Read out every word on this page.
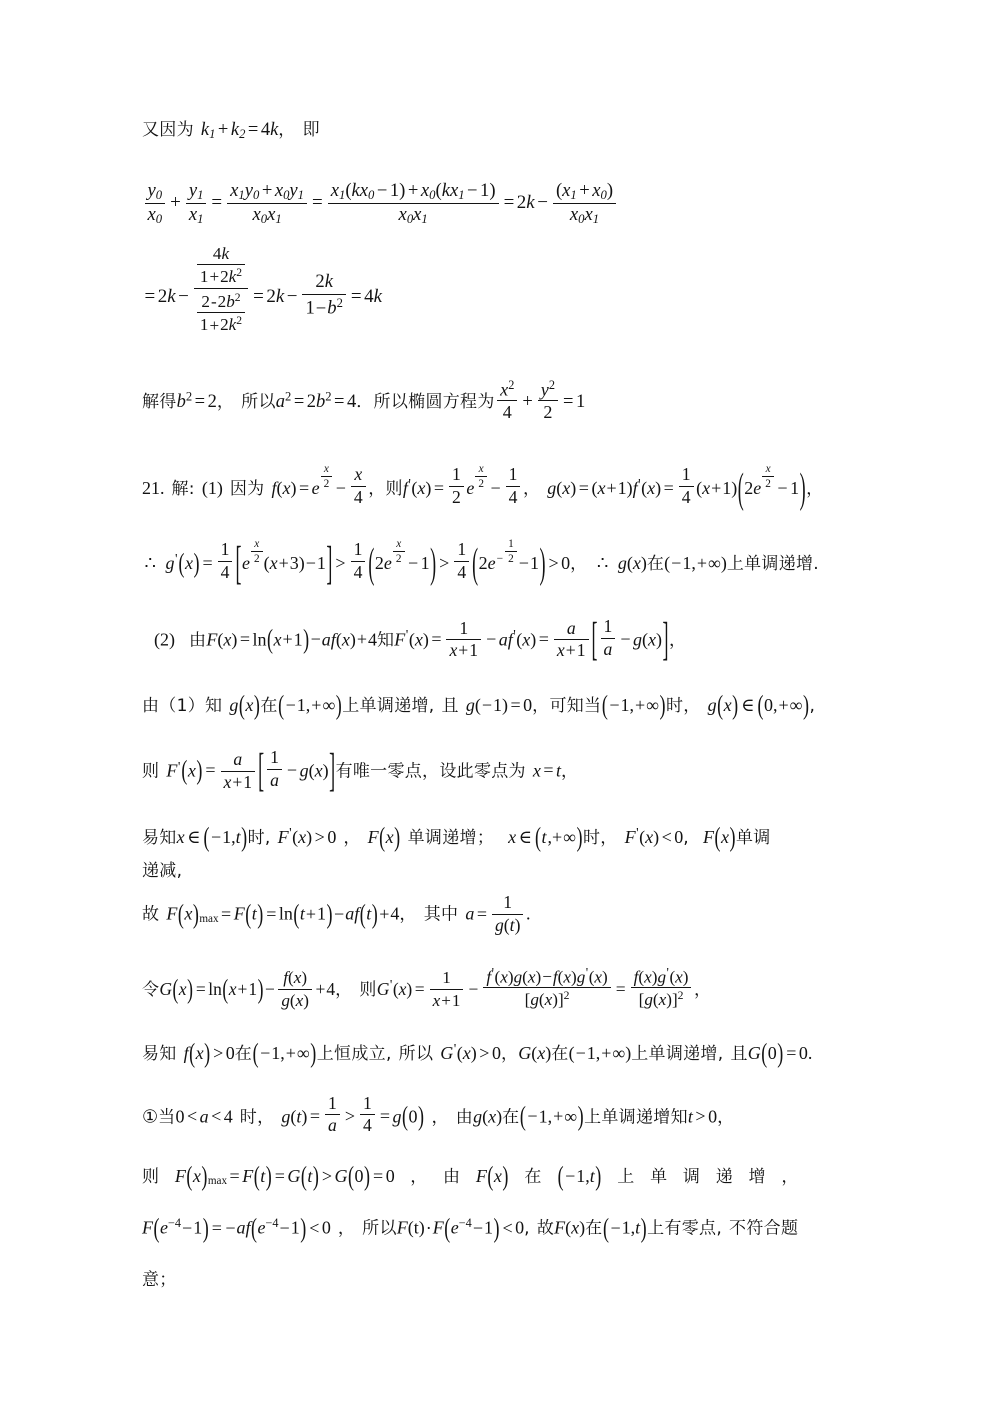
又因为 $k_1 + k_2 = 4k$， 即
$\frac{y_0}{x_0} + \frac{y_1}{x_1} = \frac{x_1y_0 + x_0y_1}{x_0x_1} = \frac{x_1(kx_0 - 1) + x_0(kx_1 - 1)}{x_0x_1} = 2k - \frac{(x_1 + x_0)}{x_0x_1}$
= $2k - \frac{\frac{4k}{1+2k^2}}{\frac{2-2b^2}{1+2k^2}} = 2k - \frac{2k}{1-b^2} = 4k$
解得$b^2 = 2$， 所以$a^2 = 2b^2 = 4$．所以椭圆方程为 $\frac{x^2}{4} + \frac{y^2}{2} = 1$
21. 解: (1) 因为 f(x) = e $\frac{x}{2} - \frac{x}{4}$ ，则$f'(x) = \frac{1}{2}$ e $\frac{x}{2} - \frac{1}{4}$ ， $g(x) = (x+1)f'(x) = \frac{1}{4} (x+1)(2e \frac{x}{2} - 1)$，
∴ $g'(x) = \frac{1}{4} [e \frac{x}{2} (x+3)-1] > \frac{1}{4} (2e \frac{x}{2} - 1) > \frac{1}{4} (2e^- \frac{1}{2} -1) > 0$， ∴ g(x)在(−1,+∞)上单调递增.
(2) 由F(x) = ln(x+1)−af(x)+4知$F'(x) = \frac{1}{x+1} - af'(x) = \frac{a}{x+1}$ [ $\frac{1}{a} - g(x)$]，
由（1）知 g(x)在(−1,+∞)上单调递增, 且 g(−1) = 0，可知当(−1,+∞)时， g(x) ∈ (0,+∞),
则 $F'(x) = \frac{a}{x+1}$ [ $\frac{1}{a} - g(x)$]有唯一零点，设此零点为 x = t，
易知x ∈ (−1,t)时, F'(x) > 0 ， F(x) 单调递增； x ∈ (t,+∞)时， F'(x) < 0, F(x)单调
递减,
故 F(x)max = F(t) = ln(t+1)−af(t)+4， 其中 $a = \frac{1}{g(t)}$ .
令$G(x) = \ln(x+1)- \frac{f(x)}{g(x)} +4$， 则$G'(x) = \frac{1}{x+1} - \frac{f'(x)g(x)-f(x)g'(x)}{[g(x)]^2} = \frac{f(x)g'(x)}{[g(x)]^2}$ ，
易知 f(x) > 0在(−1,+∞)上恒成立, 所以 G'(x) > 0，G(x)在(−1,+∞)上单调递增, 且G(0) = 0.
①当0 < a < 4 时， $g(t) = \frac{1}{a} > \frac{1}{4} = g(0)$ ， 由g(x)在(−1,+∞)上单调递增知t > 0，
则 F(x)max = F(t) = G(t) > G(0) = 0 ， 由 F(x) 在 (−1,t) 上 单 调 递 增 ，
$F(e^{-4}-1) = -af(e^{-4}-1) < 0$ ， 所以$F(t)\cdot F(e^{-4}-1) < 0$, 故F(x)在(−1,t)上有零点, 不符合题
意；
